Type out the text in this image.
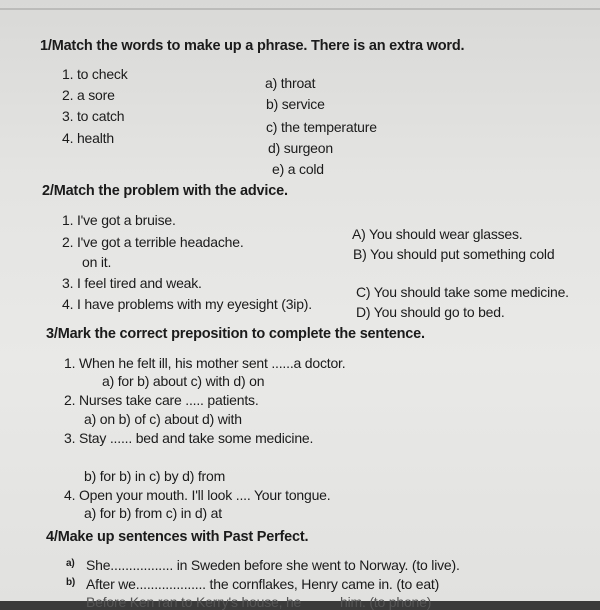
1/Match the words to make up a phrase. There is an extra word.
1. to check
2. a sore
3. to catch
4. health
a) throat
b) service
c) the temperature
d) surgeon
e) a cold
2/Match the problem with the advice.
1. I've got a bruise.
2. I've got a terrible headache.
on it.
3. I feel tired and weak.
4. I have problems with my eyesight (3ip).
A) You should wear glasses.
B) You should put something cold
C) You should take some medicine.
D) You should go to bed.
3/Mark the correct preposition to complete the sentence.
1. When he felt ill, his mother sent ......a doctor.
a) for b) about c) with d) on
2. Nurses take care ..... patients.
a) on b) of c) about d) with
3. Stay ...... bed and take some medicine.
b) for b) in c) by d) from
4. Open your mouth. I'll look .... Your tongue.
a) for b) from c) in d) at
4/Make up sentences with Past Perfect.
a) She................. in Sweden before she went to Norway. (to live).
b) After we................... the cornflakes, Henry came in. (to eat)
Before Ken ran to Kerry's house, he	him. (to phone)
